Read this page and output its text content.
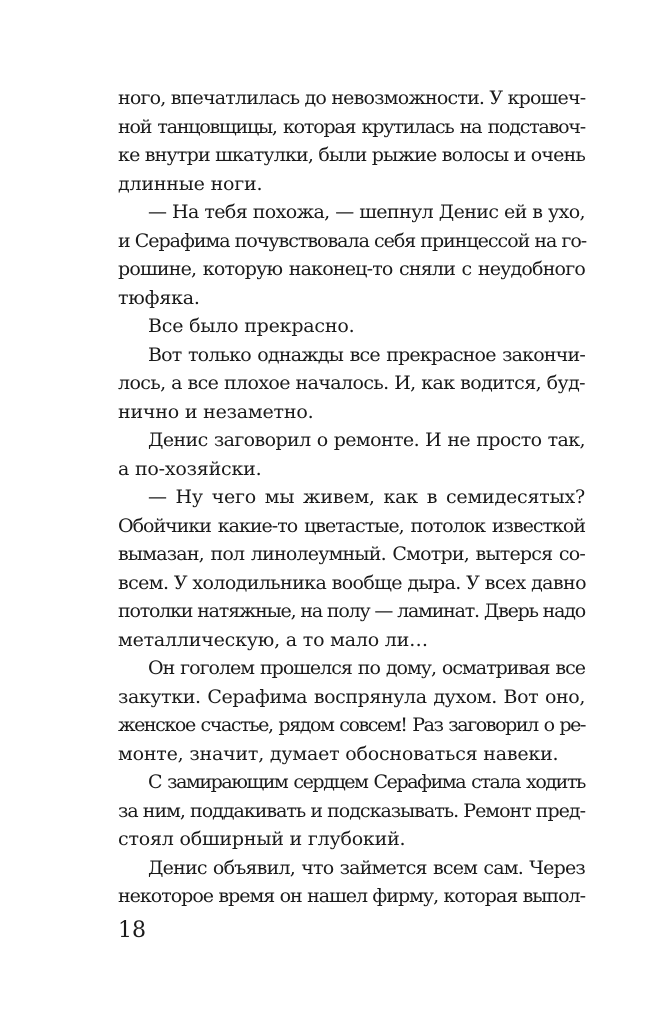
ного, впечатлилась до невозможности. У крошеч-
ной танцовщицы, которая крутилась на подставоч-
ке внутри шкатулки, были рыжие волосы и очень
длинные ноги.
— На тебя похожа, — шепнул Денис ей в ухо,
и Серафима почувствовала себя принцессой на го-
рошине, которую наконец-то сняли с неудобного
тюфяка.
Все было прекрасно.
Вот только однажды все прекрасное закончи-
лось, а все плохое началось. И, как водится, буд-
нично и незаметно.
Денис заговорил о ремонте. И не просто так,
а по-хозяйски.
— Ну чего мы живем, как в семидесятых?
Обойчики какие-то цветастые, потолок известкой
вымазан, пол линолеумный. Смотри, вытерся со-
всем. У холодильника вообще дыра. У всех давно
потолки натяжные, на полу — ламинат. Дверь надо
металлическую, а то мало ли…
Он гоголем прошелся по дому, осматривая все
закутки. Серафима воспрянула духом. Вот оно,
женское счастье, рядом совсем! Раз заговорил о ре-
монте, значит, думает обосноваться навеки.
С замирающим сердцем Серафима стала ходить
за ним, поддакивать и подсказывать. Ремонт пред-
стоял обширный и глубокий.
Денис объявил, что займется всем сам. Через
некоторое время он нашел фирму, которая выпол-
18
